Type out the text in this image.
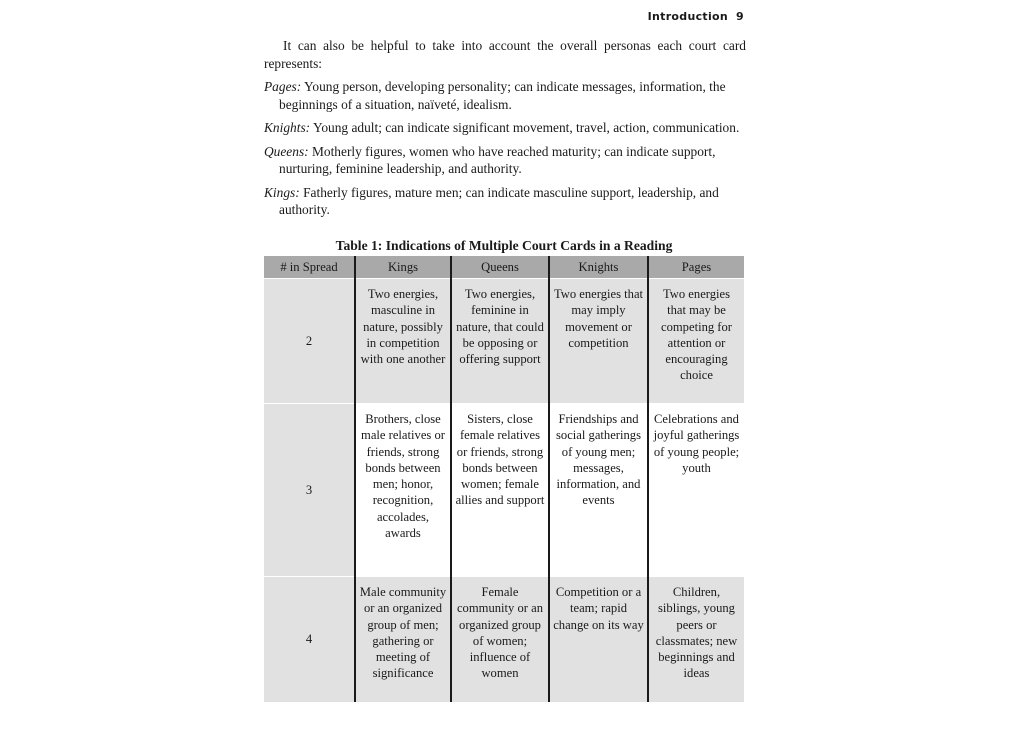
Introduction 9

It can also be helpful to take into account the overall personas each court card represents:

Pages: Young person, developing personality; can indicate messages, information, the beginnings of a situation, naïveté, idealism.

Knights: Young adult; can indicate significant movement, travel, action, communication.

Queens: Motherly figures, women who have reached maturity; can indicate support, nurturing, feminine leadership, and authority.

Kings: Fatherly figures, mature men; can indicate masculine support, leadership, and authority.

Table 1: Indications of Multiple Court Cards in a Reading
# in Spread	Kings	Queens	Knights	Pages
2	Two energies, masculine in nature, possibly in competition with one another	Two energies, feminine in nature, that could be opposing or offering support	Two energies that may imply movement or competition	Two energies that may be competing for attention or encouraging choice
3	Brothers, close male relatives or friends, strong bonds between men; honor, recognition, accolades, awards	Sisters, close female relatives or friends, strong bonds between women; female allies and support	Friendships and social gatherings of young men; messages, information, and events	Celebrations and joyful gatherings of young people; youth
4	Male community or an organized group of men; gathering or meeting of significance	Female community or an organized group of women; influence of women	Competition or a team; rapid change on its way	Children, siblings, young peers or classmates; new beginnings and ideas
